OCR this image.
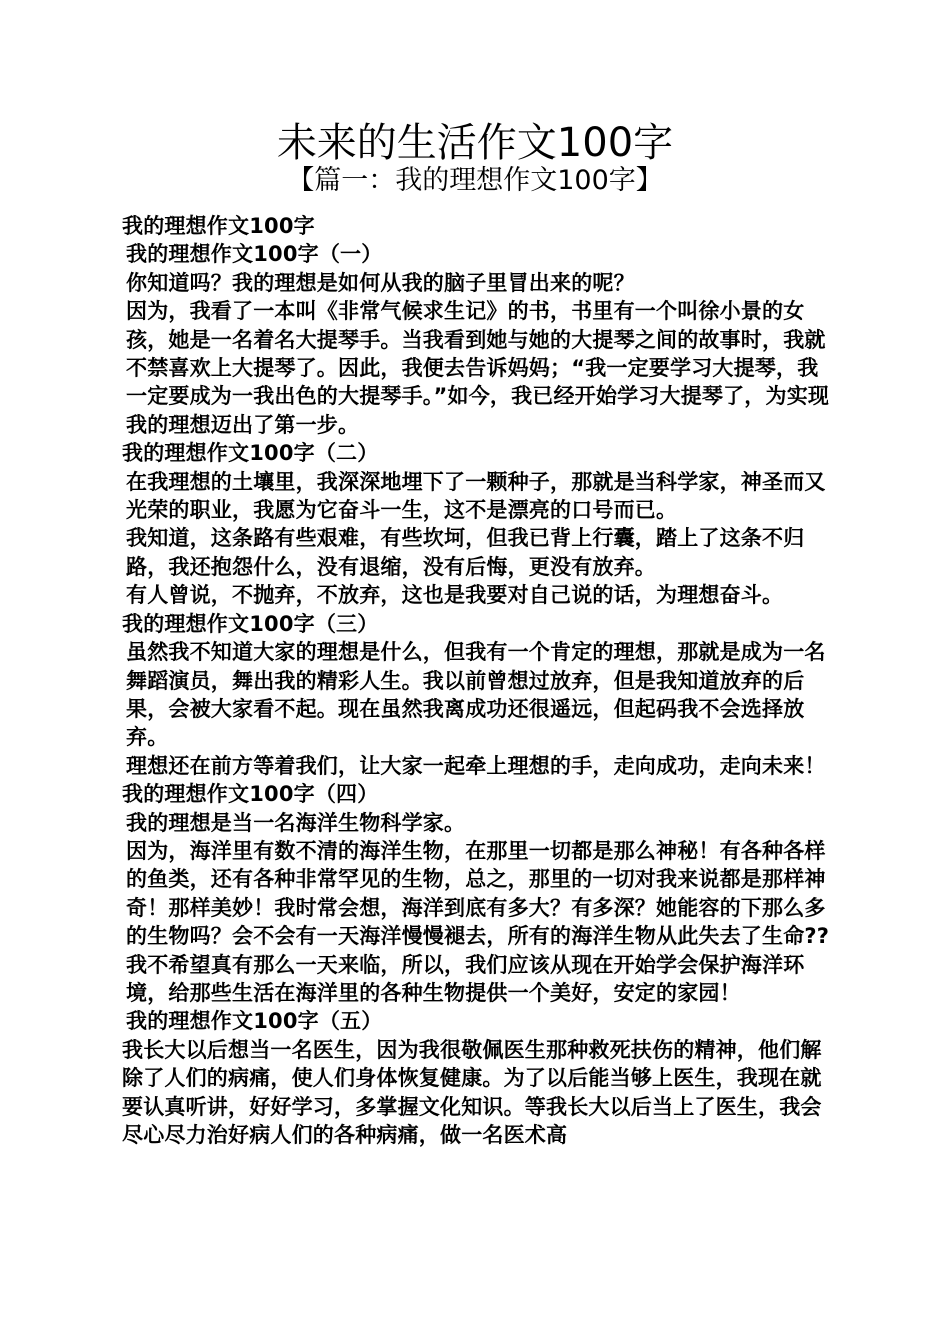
未来的生活作文100字
【篇一：我的理想作文100字】

我的理想作文100字

我的理想作文100字（一）

你知道吗？我的理想是如何从我的脑子里冒出来的呢？

因为，我看了一本叫《非常气候求生记》的书，书里有一个叫徐小景的女孩，她是一名着名大提琴手。当我看到她与她的大提琴之间的故事时，我就不禁喜欢上大提琴了。因此，我便去告诉妈妈；“我一定要学习大提琴，我一定要成为一我出色的大提琴手。”如今，我已经开始学习大提琴了，为实现我的理想迈出了第一步。

我的理想作文100字（二）

在我理想的土壤里，我深深地埋下了一颗种子，那就是当科学家，神圣而又光荣的职业，我愿为它奋斗一生，这不是漂亮的口号而已。

我知道，这条路有些艰难，有些坎坷，但我已背上行囊，踏上了这条不归路，我还抱怨什么，没有退缩，没有后悔，更没有放弃。

有人曾说，不抛弃，不放弃，这也是我要对自己说的话，为理想奋斗。

我的理想作文100字（三）

虽然我不知道大家的理想是什么，但我有一个肯定的理想，那就是成为一名舞蹈演员，舞出我的精彩人生。我以前曾想过放弃，但是我知道放弃的后果，会被大家看不起。现在虽然我离成功还很遥远，但起码我不会选择放弃。

理想还在前方等着我们，让大家一起牵上理想的手，走向成功，走向未来！

我的理想作文100字（四）

我的理想是当一名海洋生物科学家。

因为，海洋里有数不清的海洋生物，在那里一切都是那么神秘！有各种各样的鱼类，还有各种非常罕见的生物，总之，那里的一切对我来说都是那样神奇！那样美妙！我时常会想，海洋到底有多大？有多深？她能容的下那么多的生物吗？会不会有一天海洋慢慢褪去，所有的海洋生物从此失去了生命??我不希望真有那么一天来临，所以，我们应该从现在开始学会保护海洋环境，给那些生活在海洋里的各种生物提供一个美好，安定的家园！

我的理想作文100字（五）

我长大以后想当一名医生，因为我很敬佩医生那种救死扶伤的精神，他们解除了人们的病痛，使人们身体恢复健康。为了以后能当够上医生，我现在就要认真听讲，好好学习，多掌握文化知识。等我长大以后当上了医生，我会尽心尽力治好病人们的各种病痛，做一名医术高
